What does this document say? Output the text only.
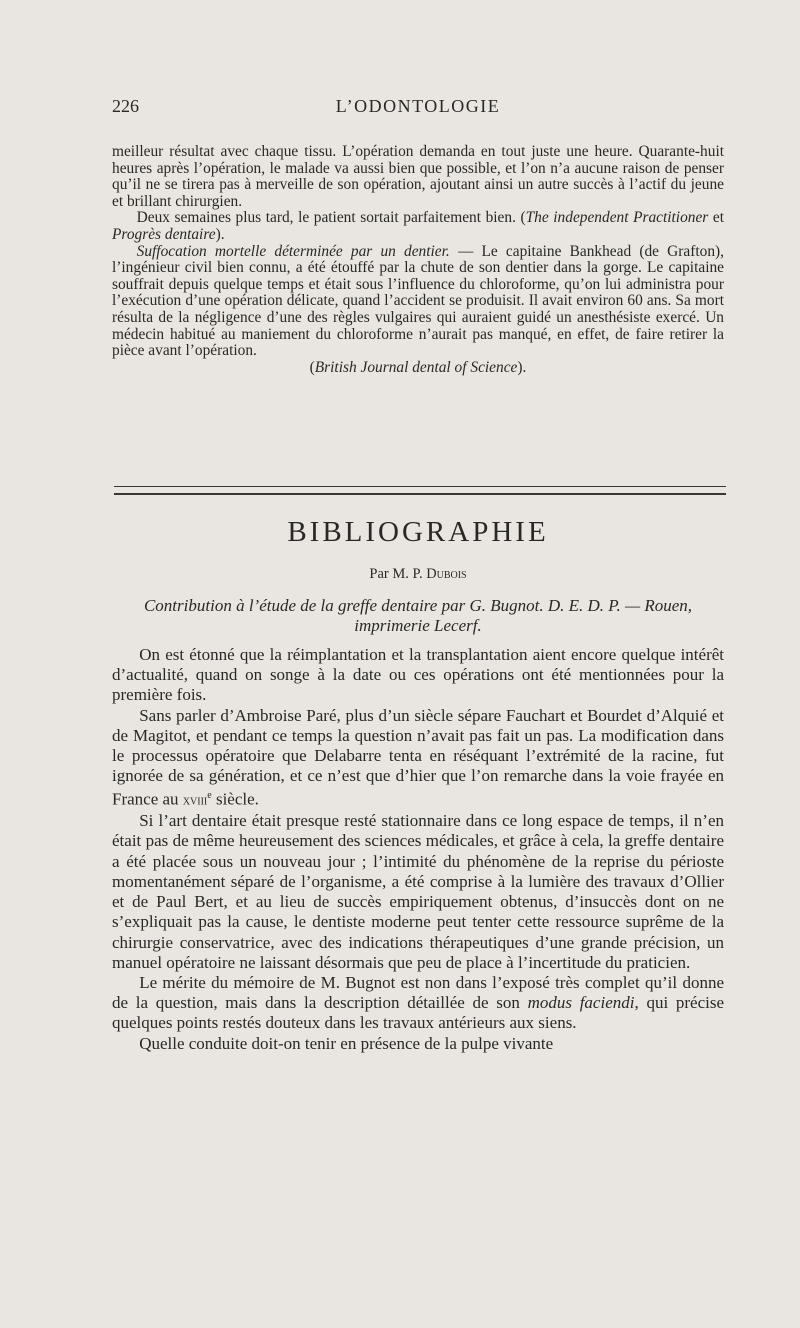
226	L’ODONTOLOGIE

meilleur résultat avec chaque tissu. L’opération demanda en tout juste une heure. Quarante-huit heures après l’opération, le malade va aussi bien que possible, et l’on n’a aucune raison de penser qu’il ne se tirera pas à merveille de son opération, ajoutant ainsi un autre succès à l’actif du jeune et brillant chirurgien.

Deux semaines plus tard, le patient sortait parfaitement bien. (The independent Practitioner et Progrès dentaire).

Suffocation mortelle déterminée par un dentier. — Le capitaine Bankhead (de Grafton), l’ingénieur civil bien connu, a été étouffé par la chute de son dentier dans la gorge. Le capitaine souffrait depuis quelque temps et était sous l’influence du chloroforme, qu’on lui administra pour l’exécution d’une opération délicate, quand l’accident se produisit. Il avait environ 60 ans. Sa mort résulta de la négligence d’une des règles vulgaires qui auraient guidé un anesthésiste exercé. Un médecin habitué au maniement du chloroforme n’aurait pas manqué, en effet, de faire retirer la pièce avant l’opération.

(British Journal dental of Science).

BIBLIOGRAPHIE
Par M. P. Dubois

Contribution à l’étude de la greffe dentaire par G. Bugnot. D. E. D. P. — Rouen, imprimerie Lecerf.

On est étonné que la réimplantation et la transplantation aient encore quelque intérêt d’actualité, quand on songe à la date ou ces opérations ont été mentionnées pour la première fois.

Sans parler d’Ambroise Paré, plus d’un siècle sépare Fauchart et Bourdet d’Alquié et de Magitot, et pendant ce temps la question n’avait pas fait un pas. La modification dans le processus opératoire que Delabarre tenta en réséquant l’extrémité de la racine, fut ignorée de sa génération, et ce n’est que d’hier que l’on remarche dans la voie frayée en France au xviii$^e$ siècle.

Si l’art dentaire était presque resté stationnaire dans ce long espace de temps, il n’en était pas de même heureusement des sciences médicales, et grâce à cela, la greffe dentaire a été placée sous un nouveau jour ; l’intimité du phénomène de la reprise du périoste momentanément séparé de l’organisme, a été comprise à la lumière des travaux d’Ollier et de Paul Bert, et au lieu de succès empiriquement obtenus, d’insuccès dont on ne s’expliquait pas la cause, le dentiste moderne peut tenter cette ressource suprême de la chirurgie conservatrice, avec des indications thérapeutiques d’une grande précision, un manuel opératoire ne laissant désormais que peu de place à l’incertitude du praticien.

Le mérite du mémoire de M. Bugnot est non dans l’exposé très complet qu’il donne de la question, mais dans la description détaillée de son modus faciendi, qui précise quelques points restés douteux dans les travaux antérieurs aux siens.

Quelle conduite doit-on tenir en présence de la pulpe vivante
